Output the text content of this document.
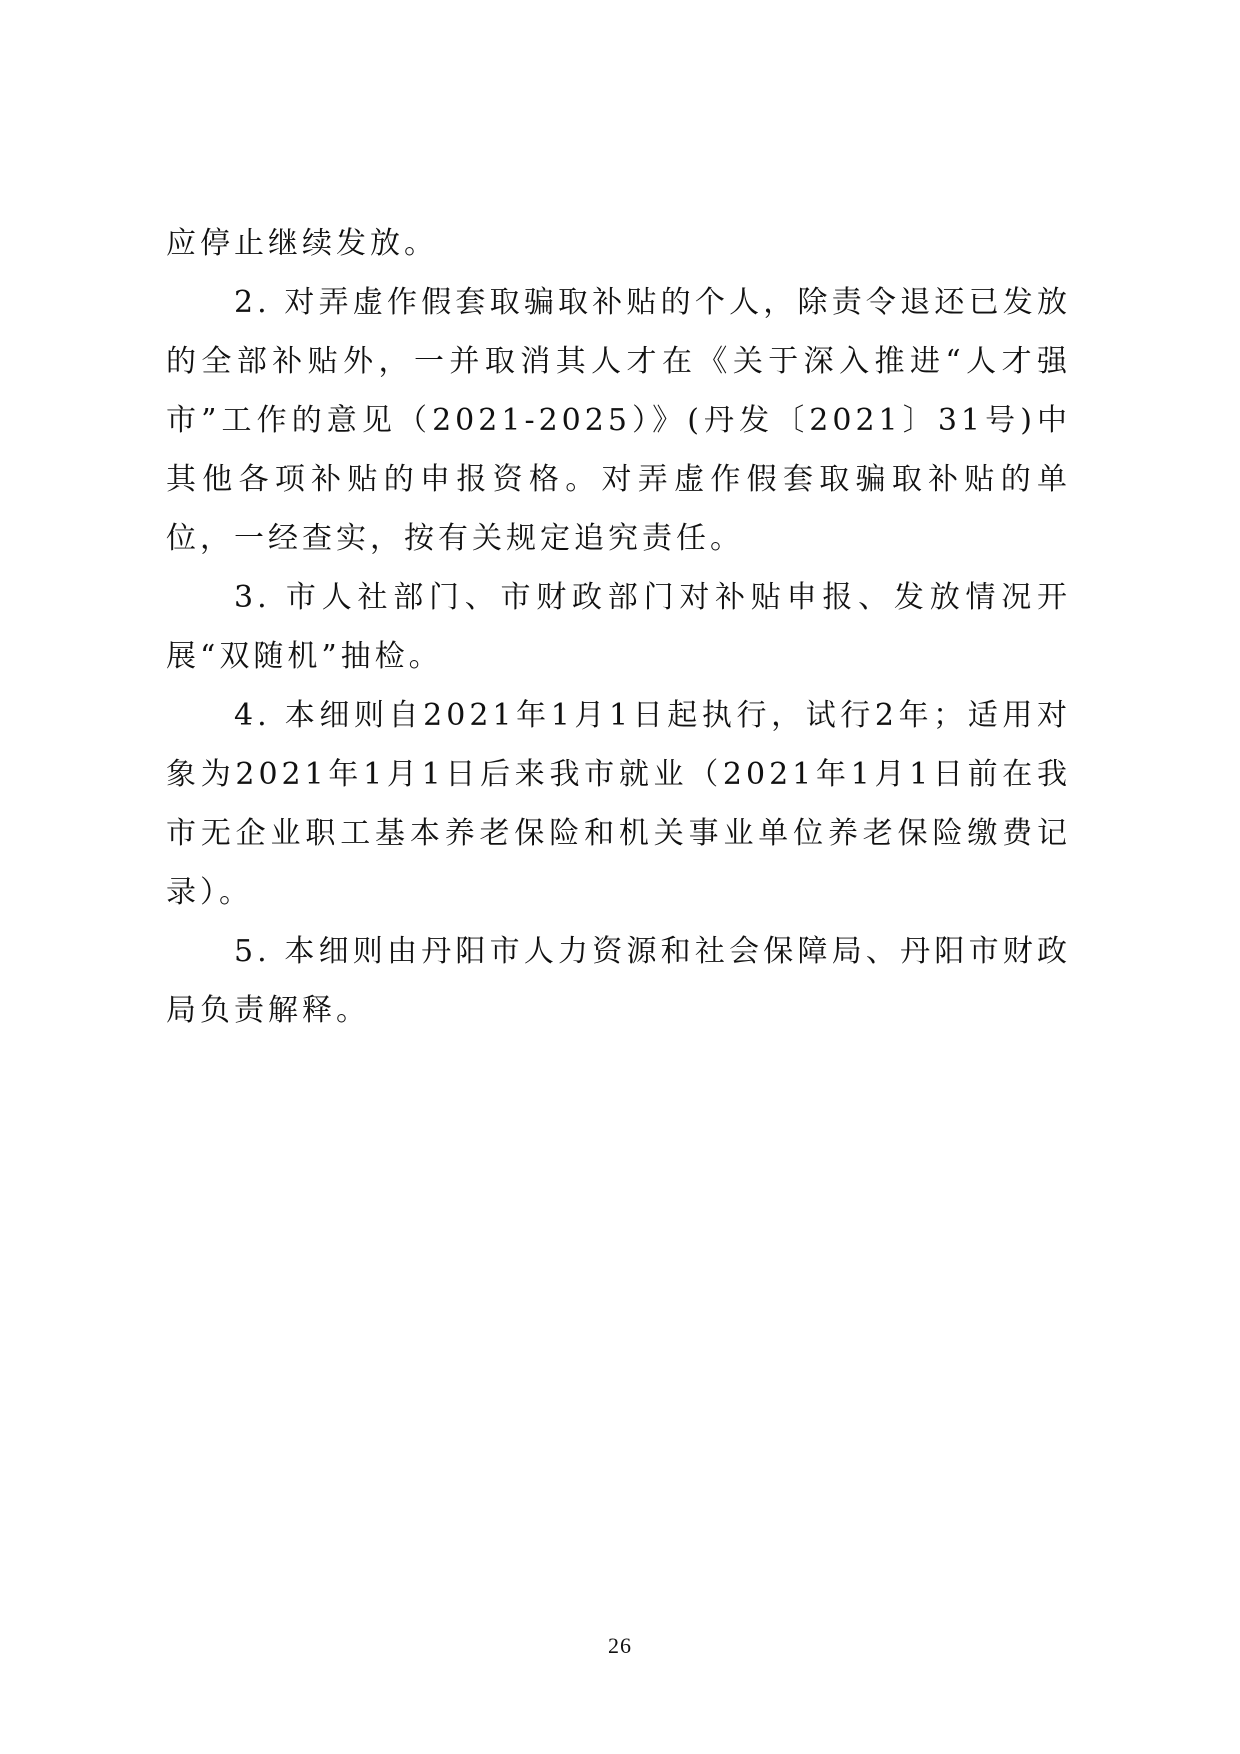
应停止继续发放。

2. 对弄虚作假套取骗取补贴的个人，除责令退还已发放的全部补贴外，一并取消其人才在《关于深入推进“人才强市”工作的意见（2021-2025）》(丹发〔2021〕31号)中其他各项补贴的申报资格。对弄虚作假套取骗取补贴的单位，一经查实，按有关规定追究责任。

3. 市人社部门、市财政部门对补贴申报、发放情况开展“双随机”抽检。

4. 本细则自2021年1月1日起执行，试行2年；适用对象为2021年1月1日后来我市就业（2021年1月1日前在我市无企业职工基本养老保险和机关事业单位养老保险缴费记录）。

5. 本细则由丹阳市人力资源和社会保障局、丹阳市财政局负责解释。

26
